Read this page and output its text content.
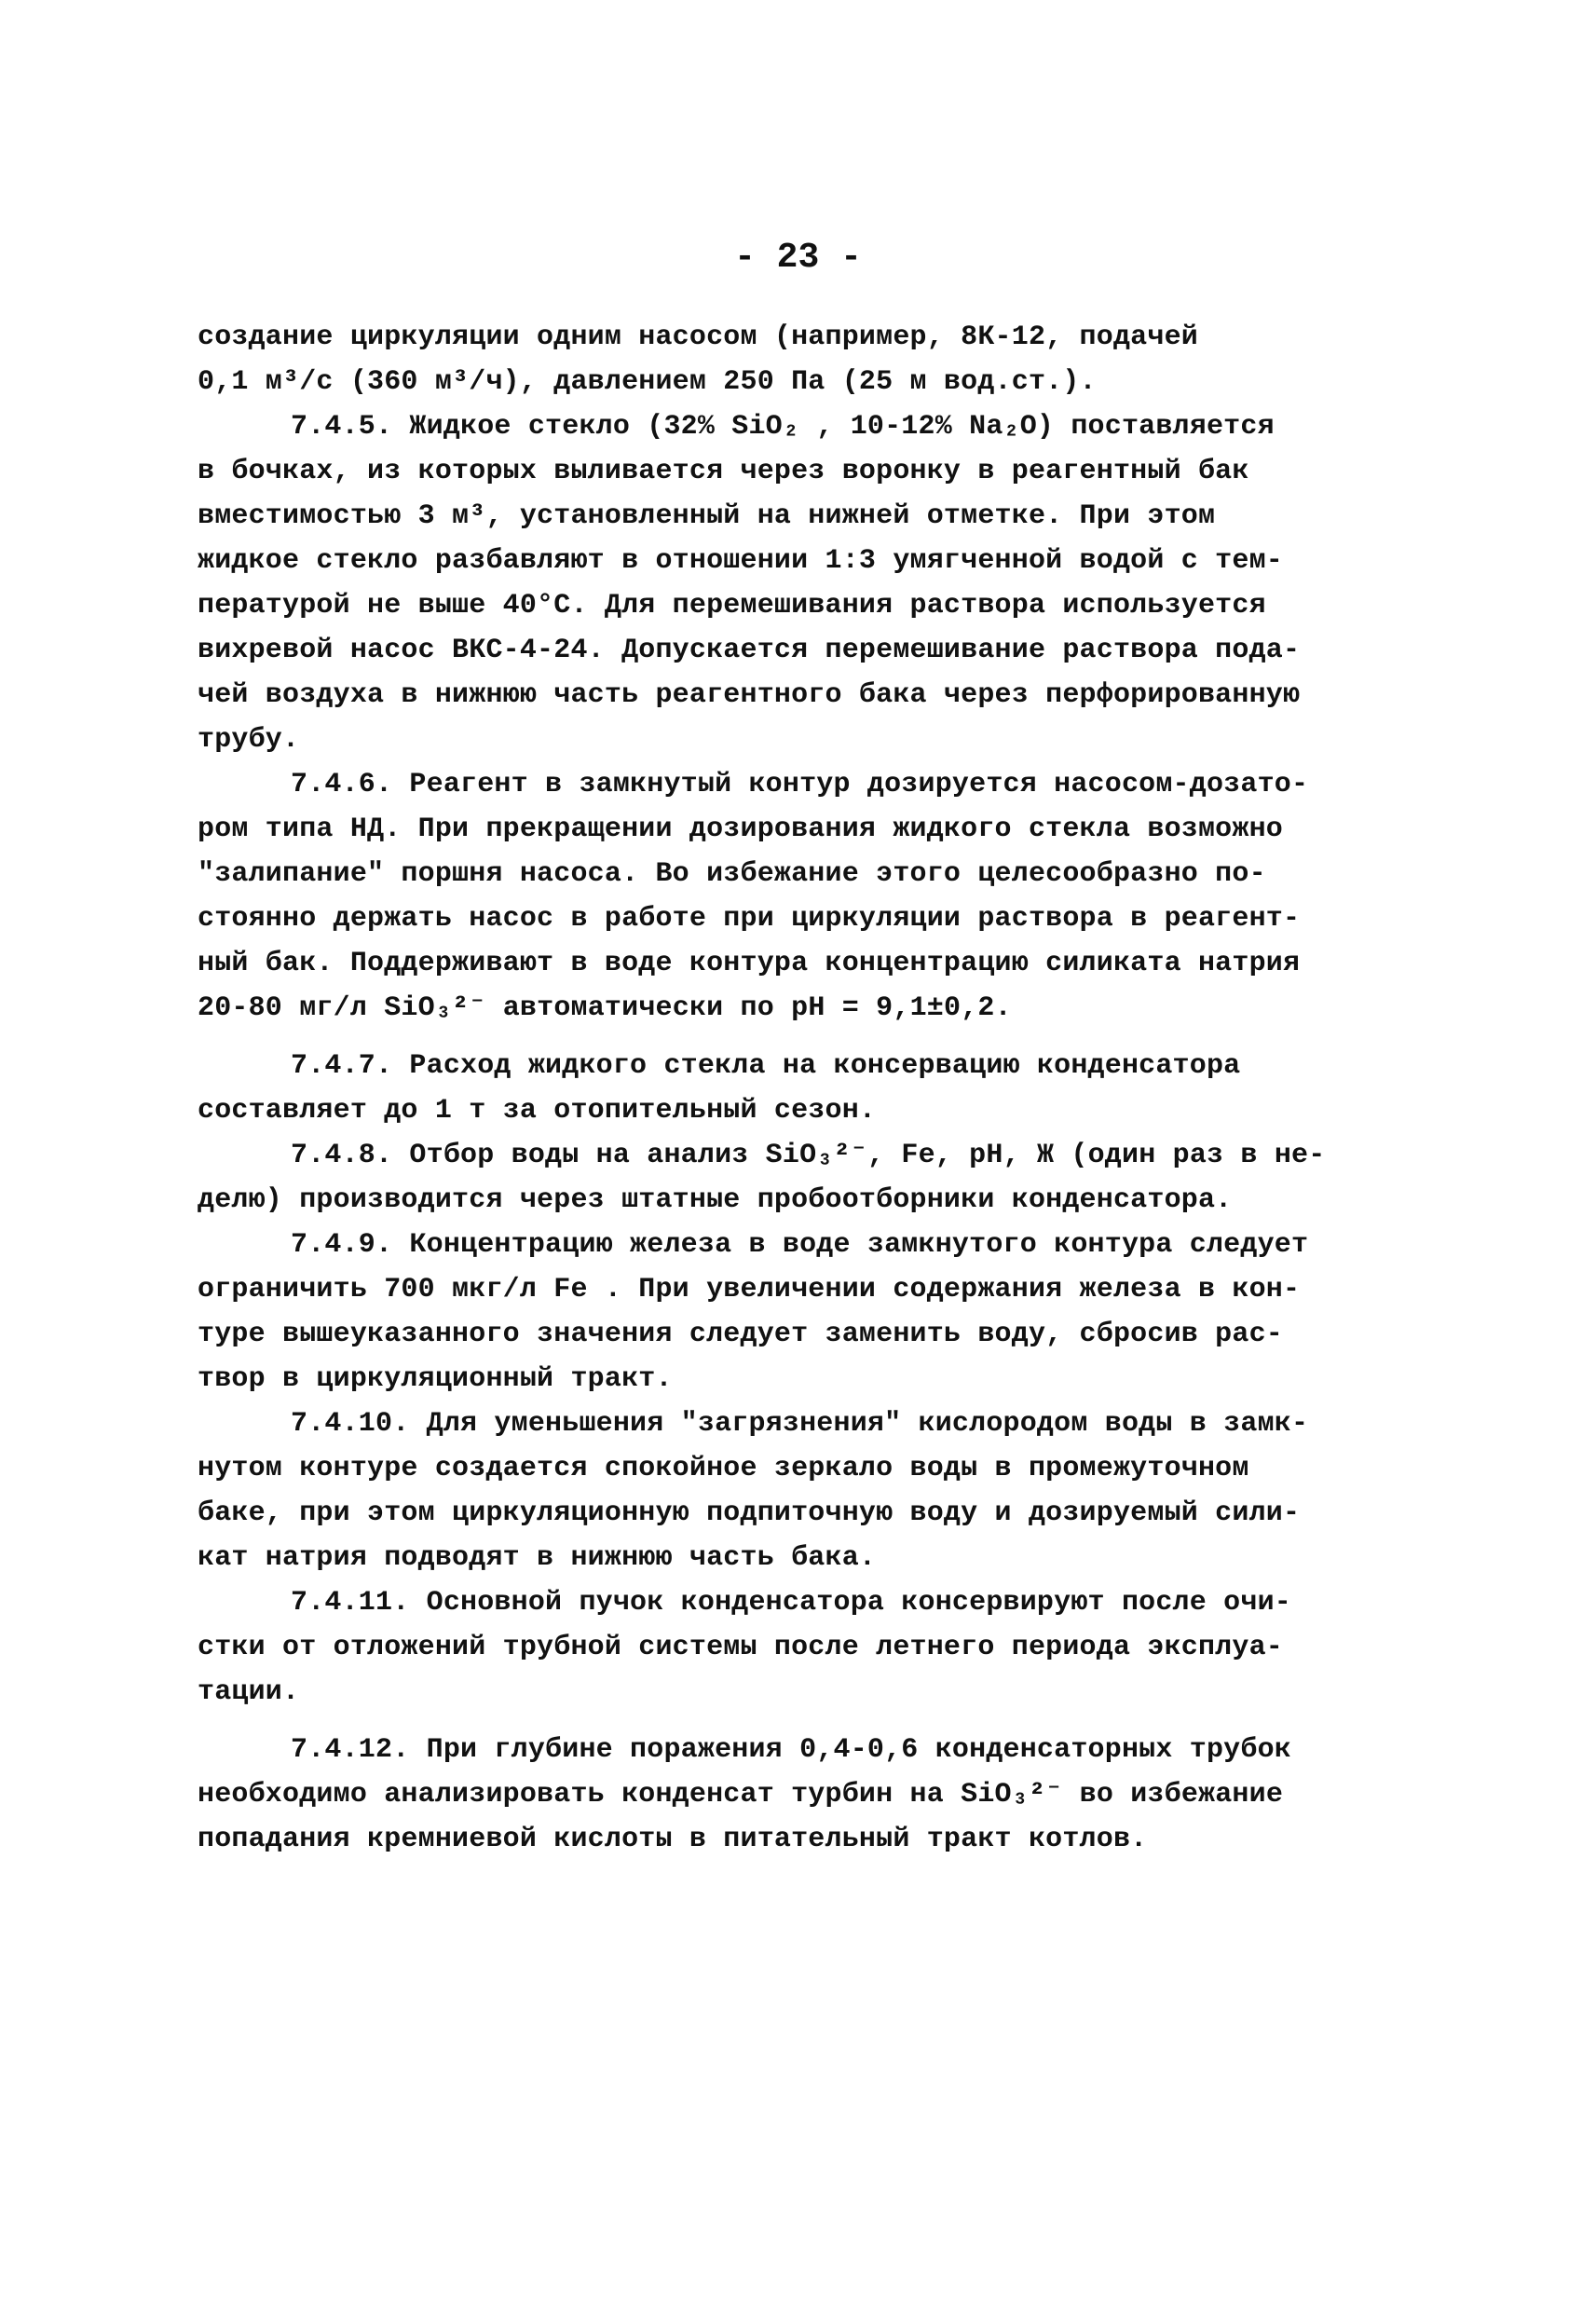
- 23 -
создание циркуляции одним насосом (например, 8К-12, подачей
0,1 м³/с (360 м³/ч), давлением 250 Па (25 м вод.ст.).
7.4.5. Жидкое стекло (32% SiO₂ , 10-12% Na₂O) поставляется
в бочках, из которых выливается через воронку в реагентный бак
вместимостью 3 м³, установленный на нижней отметке. При этом
жидкое стекло разбавляют в отношении 1:3 умягченной водой с тем-
пературой не выше 40°С. Для перемешивания раствора используется
вихревой насос ВКС-4-24. Допускается перемешивание раствора пода-
чей воздуха в нижнюю часть реагентного бака через перфорированную
трубу.
7.4.6. Реагент в замкнутый контур дозируется насосом-дозато-
ром типа НД. При прекращении дозирования жидкого стекла возможно
"залипание" поршня насоса. Во избежание этого целесообразно по-
стоянно держать насос в работе при циркуляции раствора в реагент-
ный бак. Поддерживают в воде контура концентрацию силиката натрия
20-80 мг/л SiO₃²⁻ автоматически по pH = 9,1±0,2.
7.4.7. Расход жидкого стекла на консервацию конденсатора
составляет до 1 т за отопительный сезон.
7.4.8. Отбор воды на анализ SiO₃²⁻, Fe, pH, Ж (один раз в не-
делю) производится через штатные пробоотборники конденсатора.
7.4.9. Концентрацию железа в воде замкнутого контура следует
ограничить 700 мкг/л Fe . При увеличении содержания железа в кон-
туре вышеуказанного значения следует заменить воду, сбросив рас-
твор в циркуляционный тракт.
7.4.10. Для уменьшения "загрязнения" кислородом воды в замк-
нутом контуре создается спокойное зеркало воды в промежуточном
баке, при этом циркуляционную подпиточную воду и дозируемый сили-
кат натрия подводят в нижнюю часть бака.
7.4.11. Основной пучок конденсатора консервируют после очи-
стки от отложений трубной системы после летнего периода эксплуа-
тации.
7.4.12. При глубине поражения 0,4-0,6 конденсаторных трубок
необходимо анализировать конденсат турбин на SiO₃²⁻ во избежание
попадания кремниевой кислоты в питательный тракт котлов.
